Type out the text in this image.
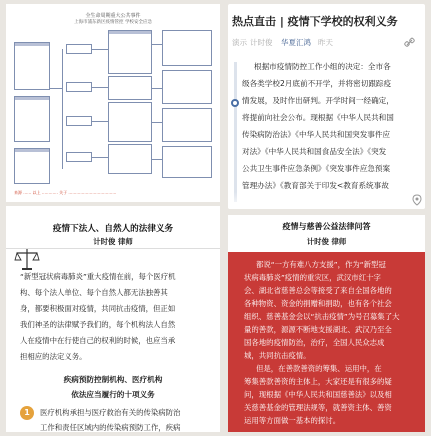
全生命周期重大公共事件
上海市浦东新区疫情管控 学校安全应急
来源 …… 以上 ………… 关于 ………………………………
热点直击 | 疫情下学校的权利义务
演示 计时俊 华夏汇鸿 昨天
根据市疫情防控工作小组的决定：全市各
级各类学校2月底前不开学，并将密切跟踪疫
情发展，及时作出研判。开学时间一经确定，
将提前向社会公布。现根据《中华人民共和国
传染病防治法》《中华人民共和国突发事件应
对法》《中华人民共和国食品安全法》《突发
公共卫生事件应急条例》《突发事件应急预案
管理办法》《教育部关于印发<教育系统事故
疫情下法人、自然人的法律义务
计时俊 律师
“新型冠状病毒肺炎”重大疫情在前，每个医疗机
构、每个法人单位、每个自然人都无法独善其
身，都要积极面对疫情，共同抗击疫情，但正如
我们神圣的法律赋予我们的，每个机构法人自然
人在疫情中在行使自己的权利的时候，也应当承
担相应的法定义务。
疾病预防控制机构、医疗机构
依法应当履行的十项义务
1	医疗机构承担与医疗救治有关的传染病防治
工作和责任区域内的传染病预防工作，疾病
疫情与慈善公益法律问答
计时俊 律师
都说“一方有难八方支援”，作为“新型冠
状病毒肺炎”疫情的重灾区，武汉市红十字
会、湖北省慈善总会等接受了来自全国各地的
各种物资、资金的捐赠和捐助，也有各个社会
组织、慈善基金会以“抗击疫情”为号召募集了大
量的善款，源源不断地支援湖北、武汉乃至全
国各地的疫情防治，治疗，全国人民众志成
城，共同抗击疫情。
但是，在善款善资的筹集、运用中，在
筹集善款善资的主体上，大家还是有很多的疑
问，现根据《中华人民共和国慈善法》以及相
关慈善基金的管理法规等，就善资主体、善资
运用等方面做一基本的探讨。
